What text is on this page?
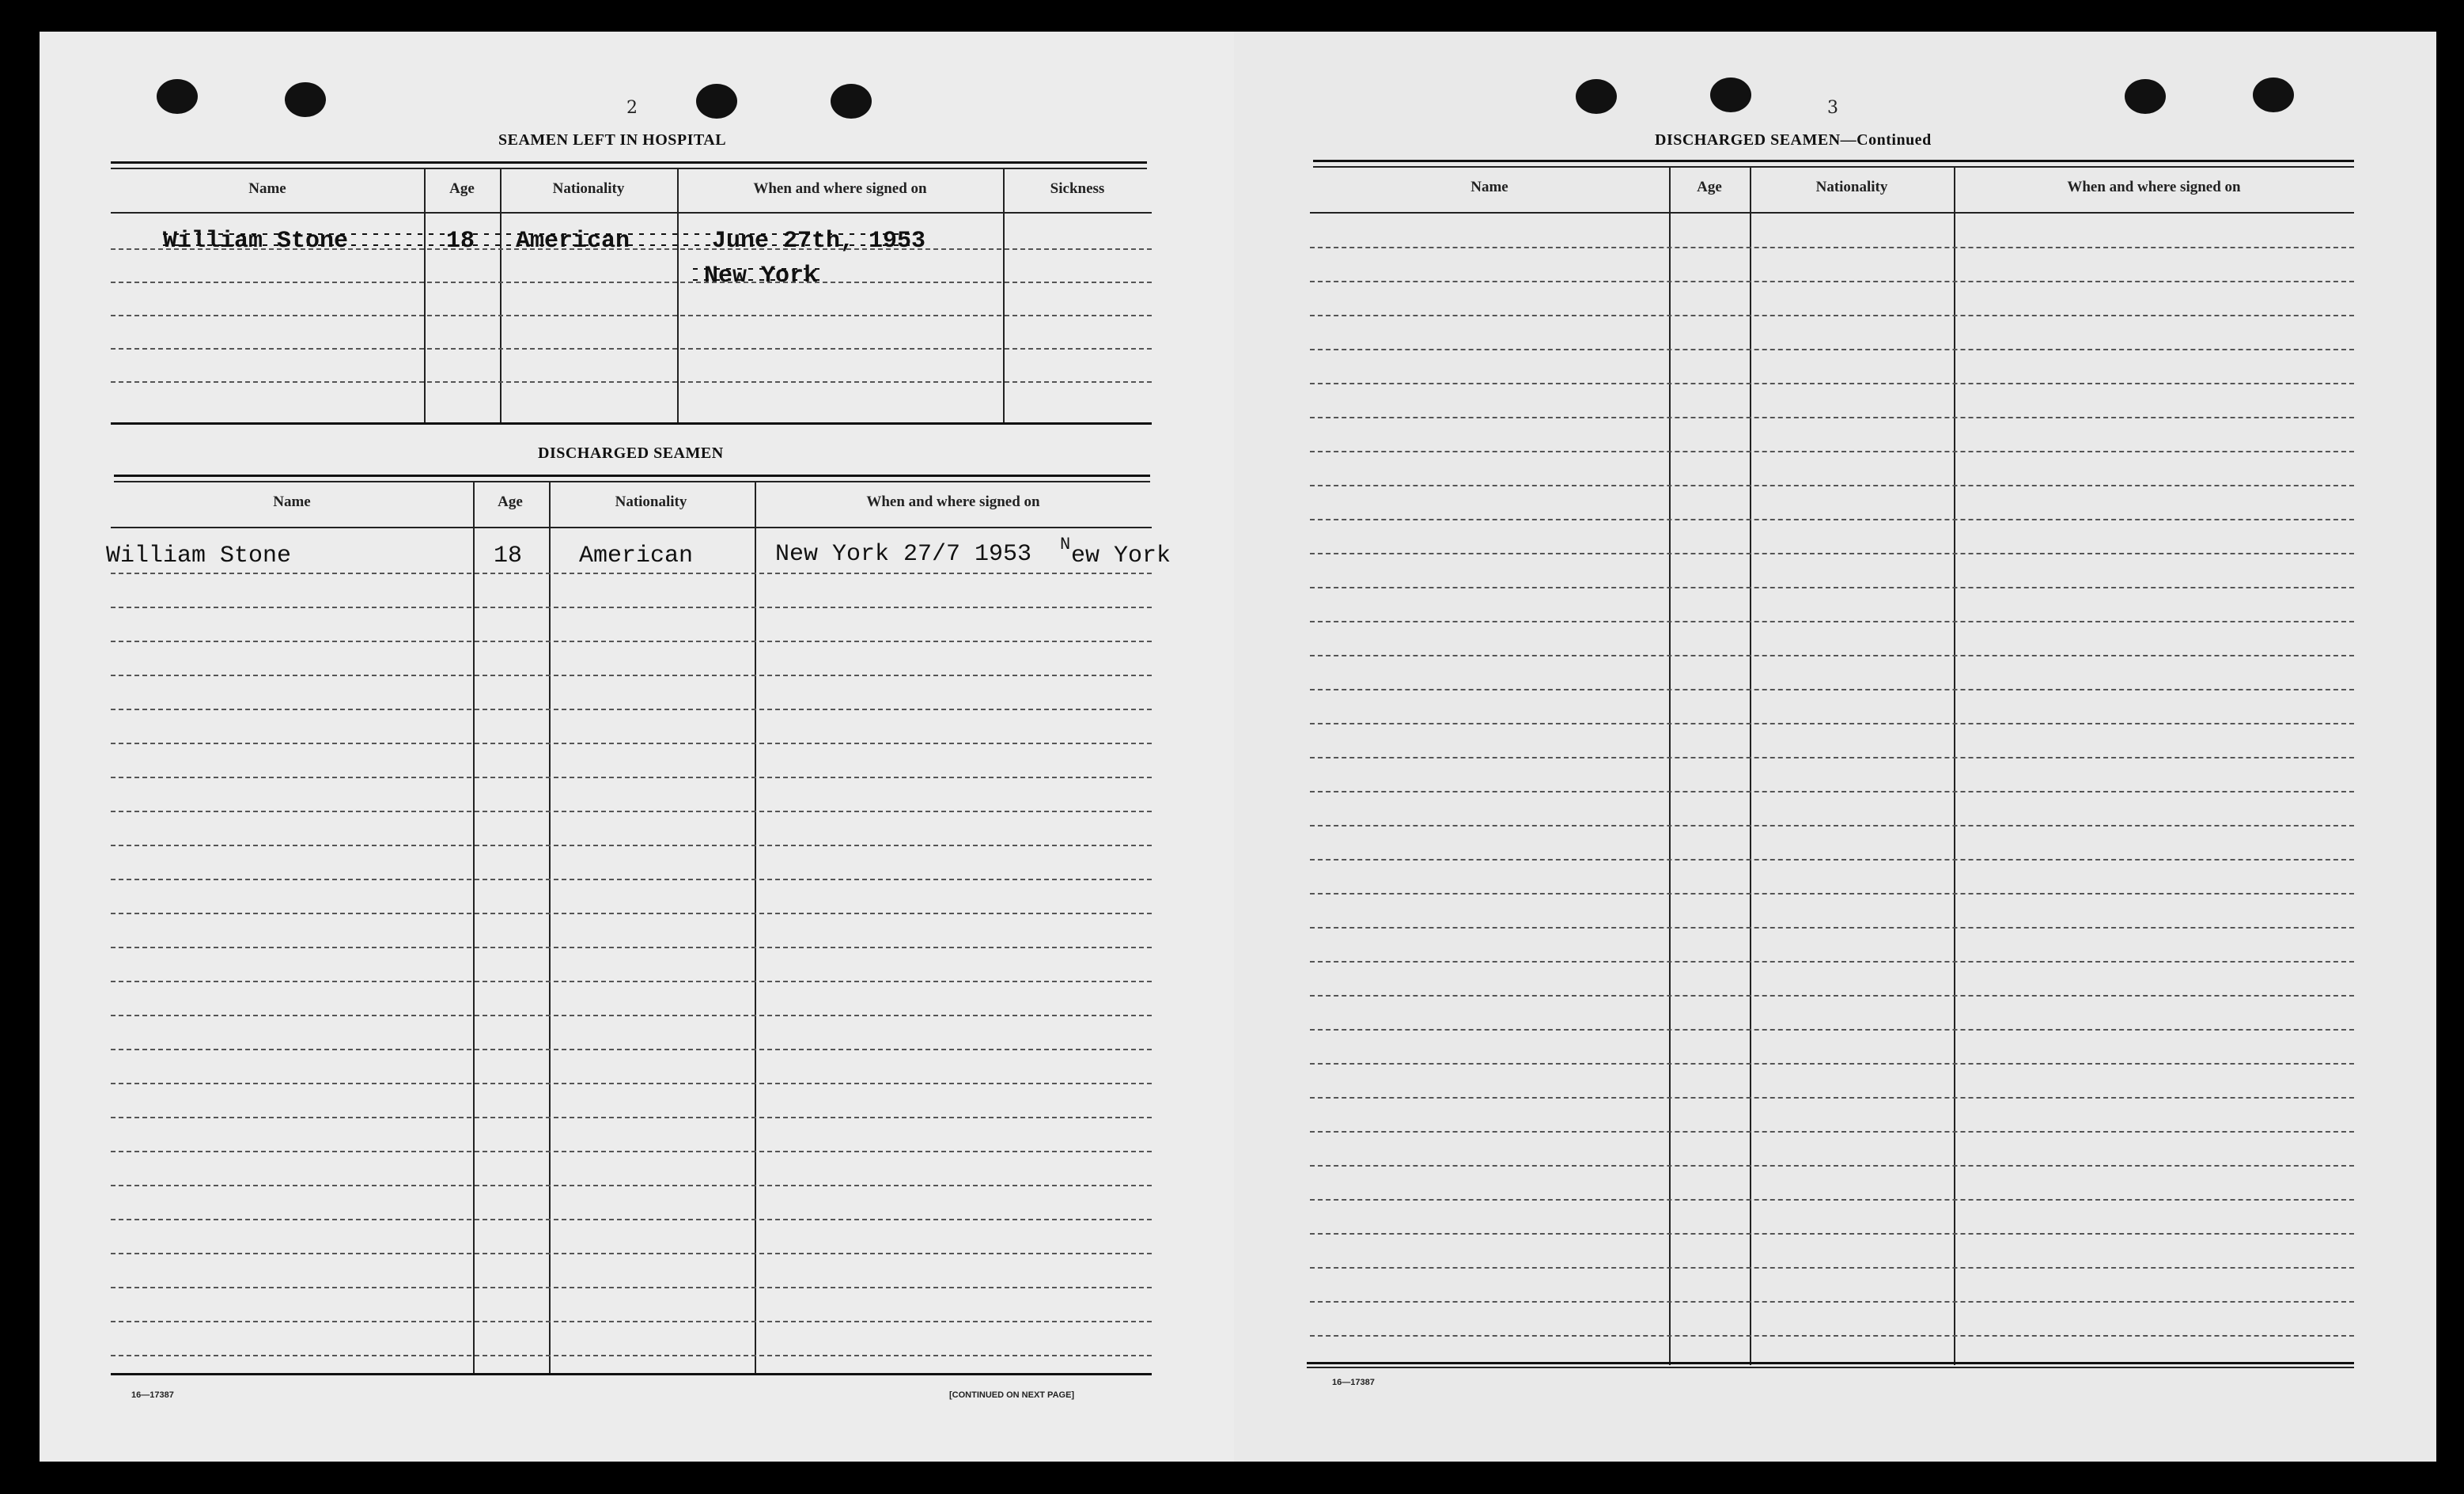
2
SEAMEN LEFT IN HOSPITAL
Name	Age	Nationality	When and where signed on	Sickness
William Stone	18 American	June 27th, 1953
New York
DISCHARGED SEAMEN
Name	Age	Nationality	When and where signed on
William Stone	18 American	New York 27/7 1953 N ew York
16—17387	[CONTINUED ON NEXT PAGE]
3
DISCHARGED SEAMEN—Continued
Name	Age	Nationality	When and where signed on
16—17387
